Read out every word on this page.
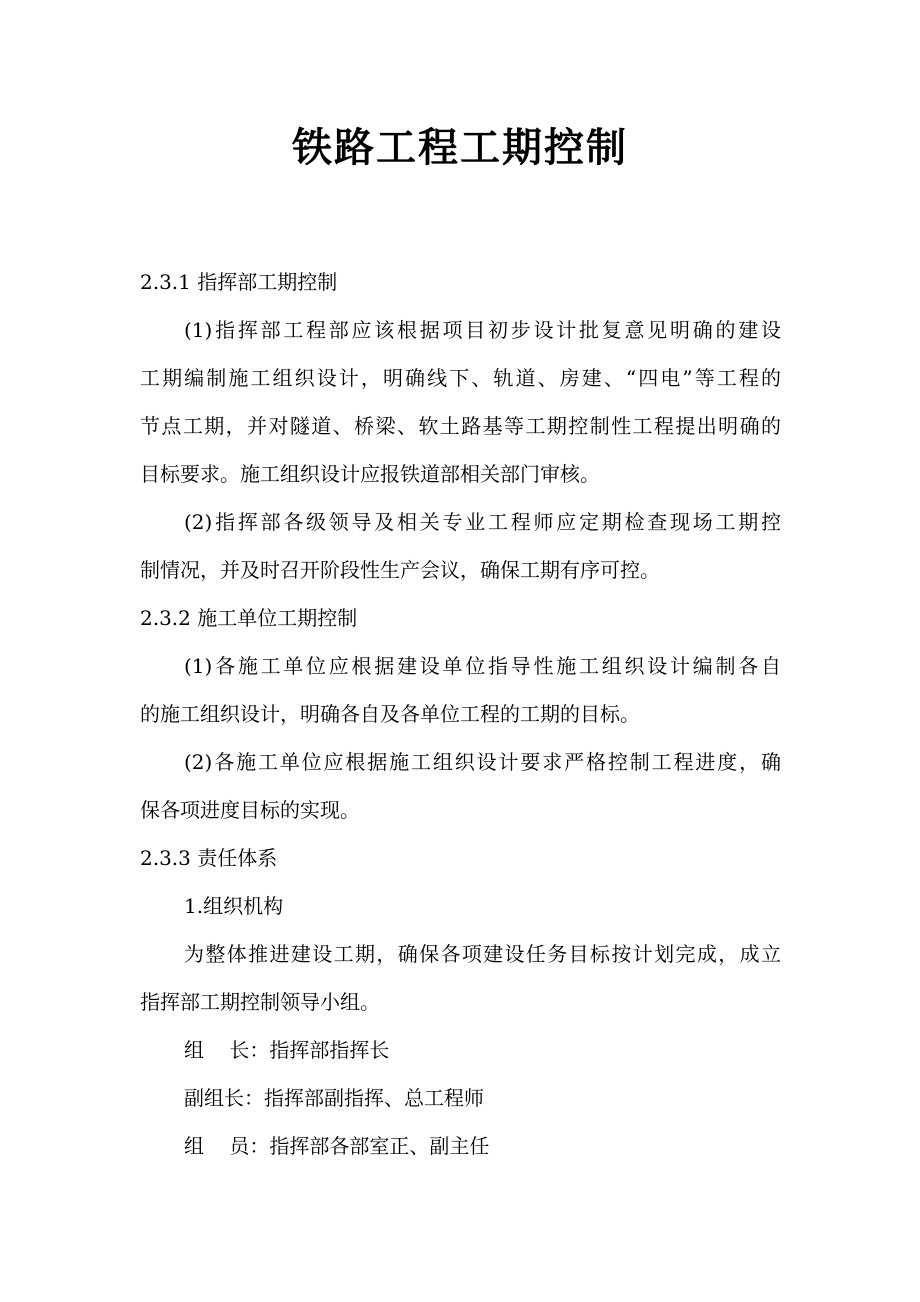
铁路工程工期控制
2.3.1 指挥部工期控制
(1)指挥部工程部应该根据项目初步设计批复意见明确的建设
工期编制施工组织设计，明确线下、轨道、房建、“四电”等工程的
节点工期，并对隧道、桥梁、软土路基等工期控制性工程提出明确的
目标要求。施工组织设计应报铁道部相关部门审核。
(2)指挥部各级领导及相关专业工程师应定期检查现场工期控
制情况，并及时召开阶段性生产会议，确保工期有序可控。
2.3.2 施工单位工期控制
(1)各施工单位应根据建设单位指导性施工组织设计编制各自
的施工组织设计，明确各自及各单位工程的工期的目标。
(2)各施工单位应根据施工组织设计要求严格控制工程进度，确
保各项进度目标的实现。
2.3.3 责任体系
1.组织机构
为整体推进建设工期，确保各项建设任务目标按计划完成，成立
指挥部工期控制领导小组。
组    长：指挥部指挥长
副组长：指挥部副指挥、总工程师
组    员：指挥部各部室正、副主任
